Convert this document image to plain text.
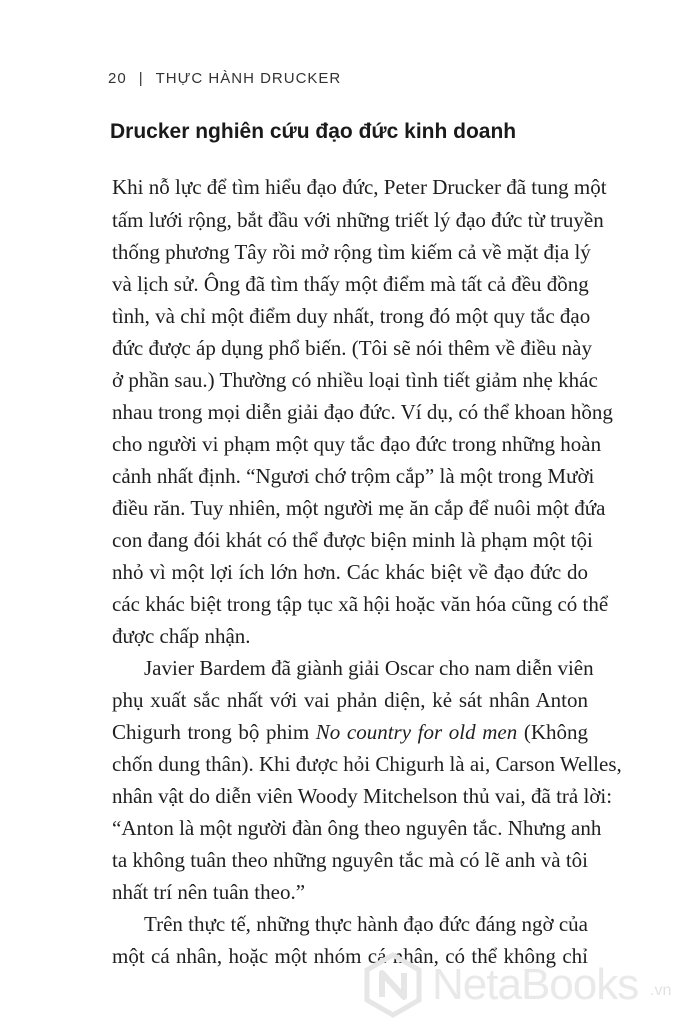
20 | THỰC HÀNH DRUCKER
Drucker nghiên cứu đạo đức kinh doanh
Khi nỗ lực để tìm hiểu đạo đức, Peter Drucker đã tung một
tấm lưới rộng, bắt đầu với những triết lý đạo đức từ truyền
thống phương Tây rồi mở rộng tìm kiếm cả về mặt địa lý
và lịch sử. Ông đã tìm thấy một điểm mà tất cả đều đồng
tình, và chỉ một điểm duy nhất, trong đó một quy tắc đạo
đức được áp dụng phổ biến. (Tôi sẽ nói thêm về điều này
ở phần sau.) Thường có nhiều loại tình tiết giảm nhẹ khác
nhau trong mọi diễn giải đạo đức. Ví dụ, có thể khoan hồng
cho người vi phạm một quy tắc đạo đức trong những hoàn
cảnh nhất định. “Ngươi chớ trộm cắp” là một trong Mười
điều răn. Tuy nhiên, một người mẹ ăn cắp để nuôi một đứa
con đang đói khát có thể được biện minh là phạm một tội
nhỏ vì một lợi ích lớn hơn. Các khác biệt về đạo đức do
các khác biệt trong tập tục xã hội hoặc văn hóa cũng có thể
được chấp nhận.
Javier Bardem đã giành giải Oscar cho nam diễn viên
phụ xuất sắc nhất với vai phản diện, kẻ sát nhân Anton
Chigurh trong bộ phim No country for old men (Không
chốn dung thân). Khi được hỏi Chigurh là ai, Carson Welles,
nhân vật do diễn viên Woody Mitchelson thủ vai, đã trả lời:
“Anton là một người đàn ông theo nguyên tắc. Nhưng anh
ta không tuân theo những nguyên tắc mà có lẽ anh và tôi
nhất trí nên tuân theo.”
Trên thực tế, những thực hành đạo đức đáng ngờ của
một cá nhân, hoặc một nhóm cá nhân, có thể không chỉ
NetaBooks .vn
